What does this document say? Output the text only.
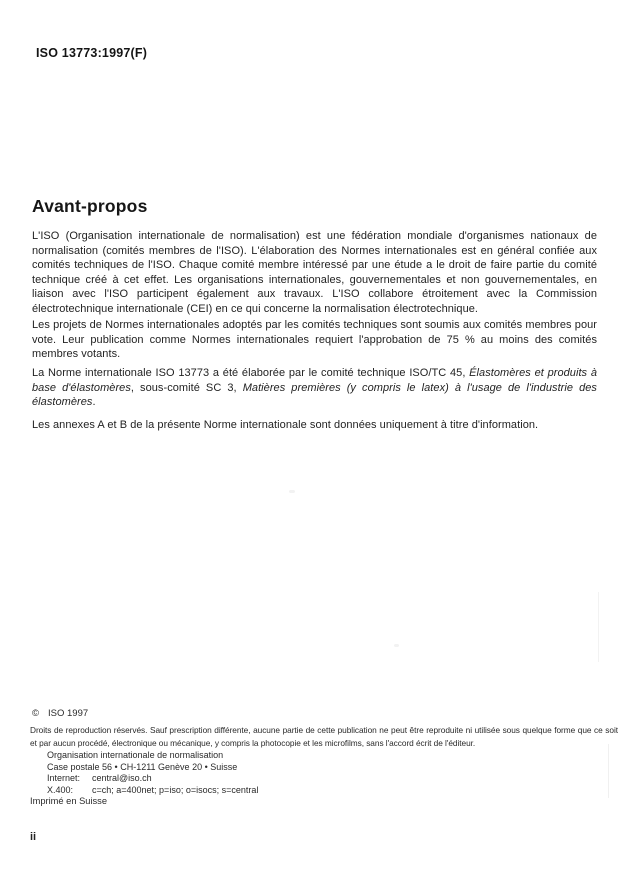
ISO 13773:1997(F)
Avant-propos

L'ISO (Organisation internationale de normalisation) est une fédération mondiale d'organismes nationaux de normalisation (comités membres de l'ISO). L'élaboration des Normes internationales est en général confiée aux comités techniques de l'ISO. Chaque comité membre intéressé par une étude a le droit de faire partie du comité technique créé à cet effet. Les organisations internationales, gouvernementales et non gouvernementales, en liaison avec l'ISO participent également aux travaux. L'ISO collabore étroitement avec la Commission électrotechnique internationale (CEI) en ce qui concerne la normalisation électrotechnique.

Les projets de Normes internationales adoptés par les comités techniques sont soumis aux comités membres pour vote. Leur publication comme Normes internationales requiert l'approbation de 75 % au moins des comités membres votants.

La Norme internationale ISO 13773 a été élaborée par le comité technique ISO/TC 45, Élastomères et produits à base d'élastomères, sous-comité SC 3, Matières premières (y compris le latex) à l'usage de l'industrie des élastomères.

Les annexes A et B de la présente Norme internationale sont données uniquement à titre d'information.

© ISO 1997

Droits de reproduction réservés. Sauf prescription différente, aucune partie de cette publication ne peut être reproduite ni utilisée sous quelque forme que ce soit et par aucun procédé, électronique ou mécanique, y compris la photocopie et les microfilms, sans l'accord écrit de l'éditeur.

Organisation internationale de normalisation
Case postale 56 • CH-1211 Genève 20 • Suisse
Internet: central@iso.ch
X.400: c=ch; a=400net; p=iso; o=isocs; s=central
Imprimé en Suisse
ii
